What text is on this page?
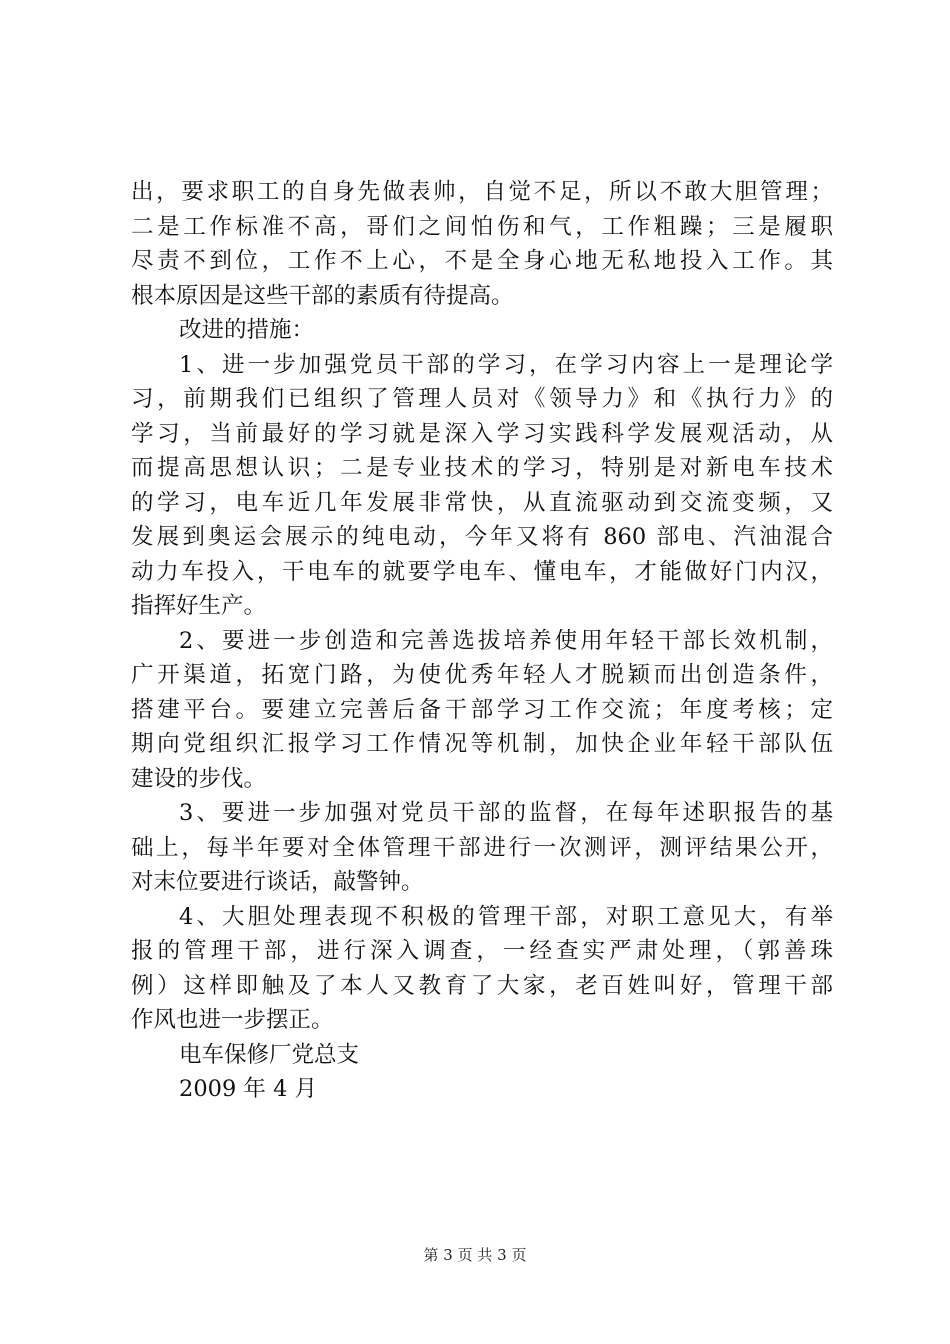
出，要求职工的自身先做表帅，自觉不足，所以不敢大胆管理；
二是工作标准不高，哥们之间怕伤和气，工作粗躁；三是履职
尽责不到位，工作不上心，不是全身心地无私地投入工作。其
根本原因是这些干部的素质有待提高。
改进的措施：
1、进一步加强党员干部的学习，在学习内容上一是理论学
习，前期我们已组织了管理人员对《领导力》和《执行力》的
学习，当前最好的学习就是深入学习实践科学发展观活动，从
而提高思想认识；二是专业技术的学习，特别是对新电车技术
的学习，电车近几年发展非常快，从直流驱动到交流变频，又
发展到奥运会展示的纯电动，今年又将有 860 部电、汽油混合
动力车投入，干电车的就要学电车、懂电车，才能做好门内汉，
指挥好生产。
2、要进一步创造和完善选拔培养使用年轻干部长效机制，
广开渠道，拓宽门路，为使优秀年轻人才脱颖而出创造条件，
搭建平台。要建立完善后备干部学习工作交流；年度考核；定
期向党组织汇报学习工作情况等机制，加快企业年轻干部队伍
建设的步伐。
3、要进一步加强对党员干部的监督，在每年述职报告的基
础上，每半年要对全体管理干部进行一次测评，测评结果公开，
对末位要进行谈话，敲警钟。
4、大胆处理表现不积极的管理干部，对职工意见大，有举
报的管理干部，进行深入调查，一经查实严肃处理，（郭善珠
例）这样即触及了本人又教育了大家，老百姓叫好，管理干部
作风也进一步摆正。
电车保修厂党总支
2009 年 4 月
第 3 页 共 3 页
